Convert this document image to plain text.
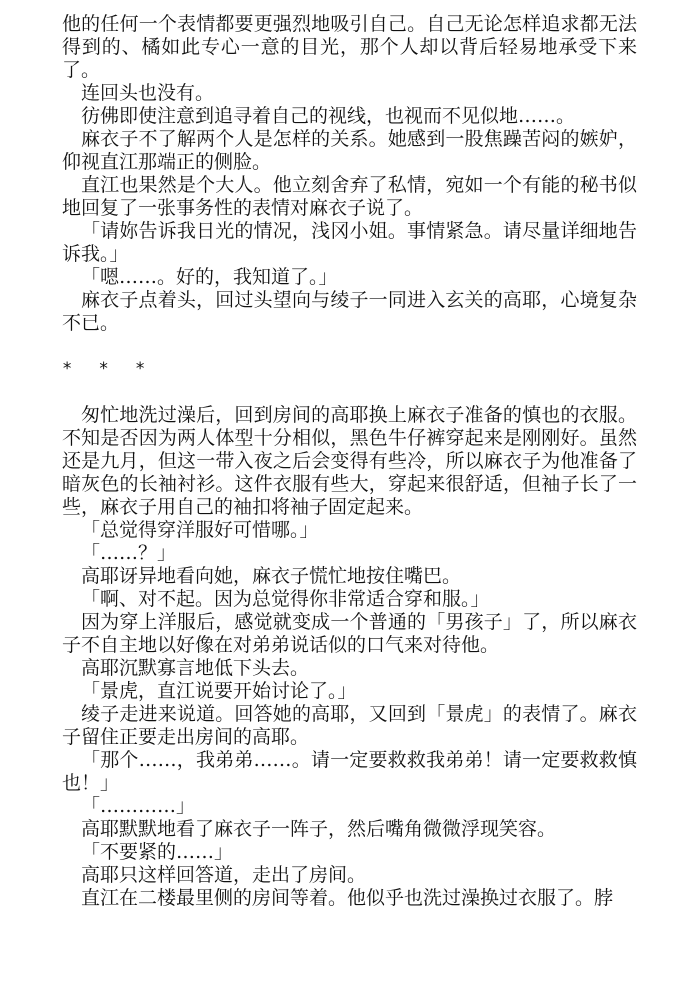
他的任何一个表情都要更强烈地吸引自己。自己无论怎样追求都无法得到的、橘如此专心一意的目光，那个人却以背后轻易地承受下来了。

连回头也没有。

彷佛即使注意到追寻着自己的视线，也视而不见似地……。

麻衣子不了解两个人是怎样的关系。她感到一股焦躁苦闷的嫉妒，仰视直江那端正的侧脸。

直江也果然是个大人。他立刻舍弃了私情，宛如一个有能的秘书似地回复了一张事务性的表情对麻衣子说了。

「请妳告诉我日光的情况，浅冈小姐。事情紧急。请尽量详细地告诉我。」

「嗯……。好的，我知道了。」

麻衣子点着头，回过头望向与绫子一同进入玄关的高耶，心境复杂不已。

* * *

匆忙地洗过澡后，回到房间的高耶换上麻衣子准备的慎也的衣服。不知是否因为两人体型十分相似，黑色牛仔裤穿起来是刚刚好。虽然还是九月，但这一带入夜之后会变得有些冷，所以麻衣子为他准备了暗灰色的长袖衬衫。这件衣服有些大，穿起来很舒适，但袖子长了一些，麻衣子用自己的袖扣将袖子固定起来。

「总觉得穿洋服好可惜哪。」

「……？」

高耶讶异地看向她，麻衣子慌忙地按住嘴巴。

「啊、对不起。因为总觉得你非常适合穿和服。」

因为穿上洋服后，感觉就变成一个普通的「男孩子」了，所以麻衣子不自主地以好像在对弟弟说话似的口气来对待他。

高耶沉默寡言地低下头去。

「景虎，直江说要开始讨论了。」

绫子走进来说道。回答她的高耶，又回到「景虎」的表情了。麻衣子留住正要走出房间的高耶。

「那个……，我弟弟……。请一定要救救我弟弟！请一定要救救慎也！」

「…………」

高耶默默地看了麻衣子一阵子，然后嘴角微微浮现笑容。

「不要紧的……」

高耶只这样回答道，走出了房间。

直江在二楼最里侧的房间等着。他似乎也洗过澡换过衣服了。脖
